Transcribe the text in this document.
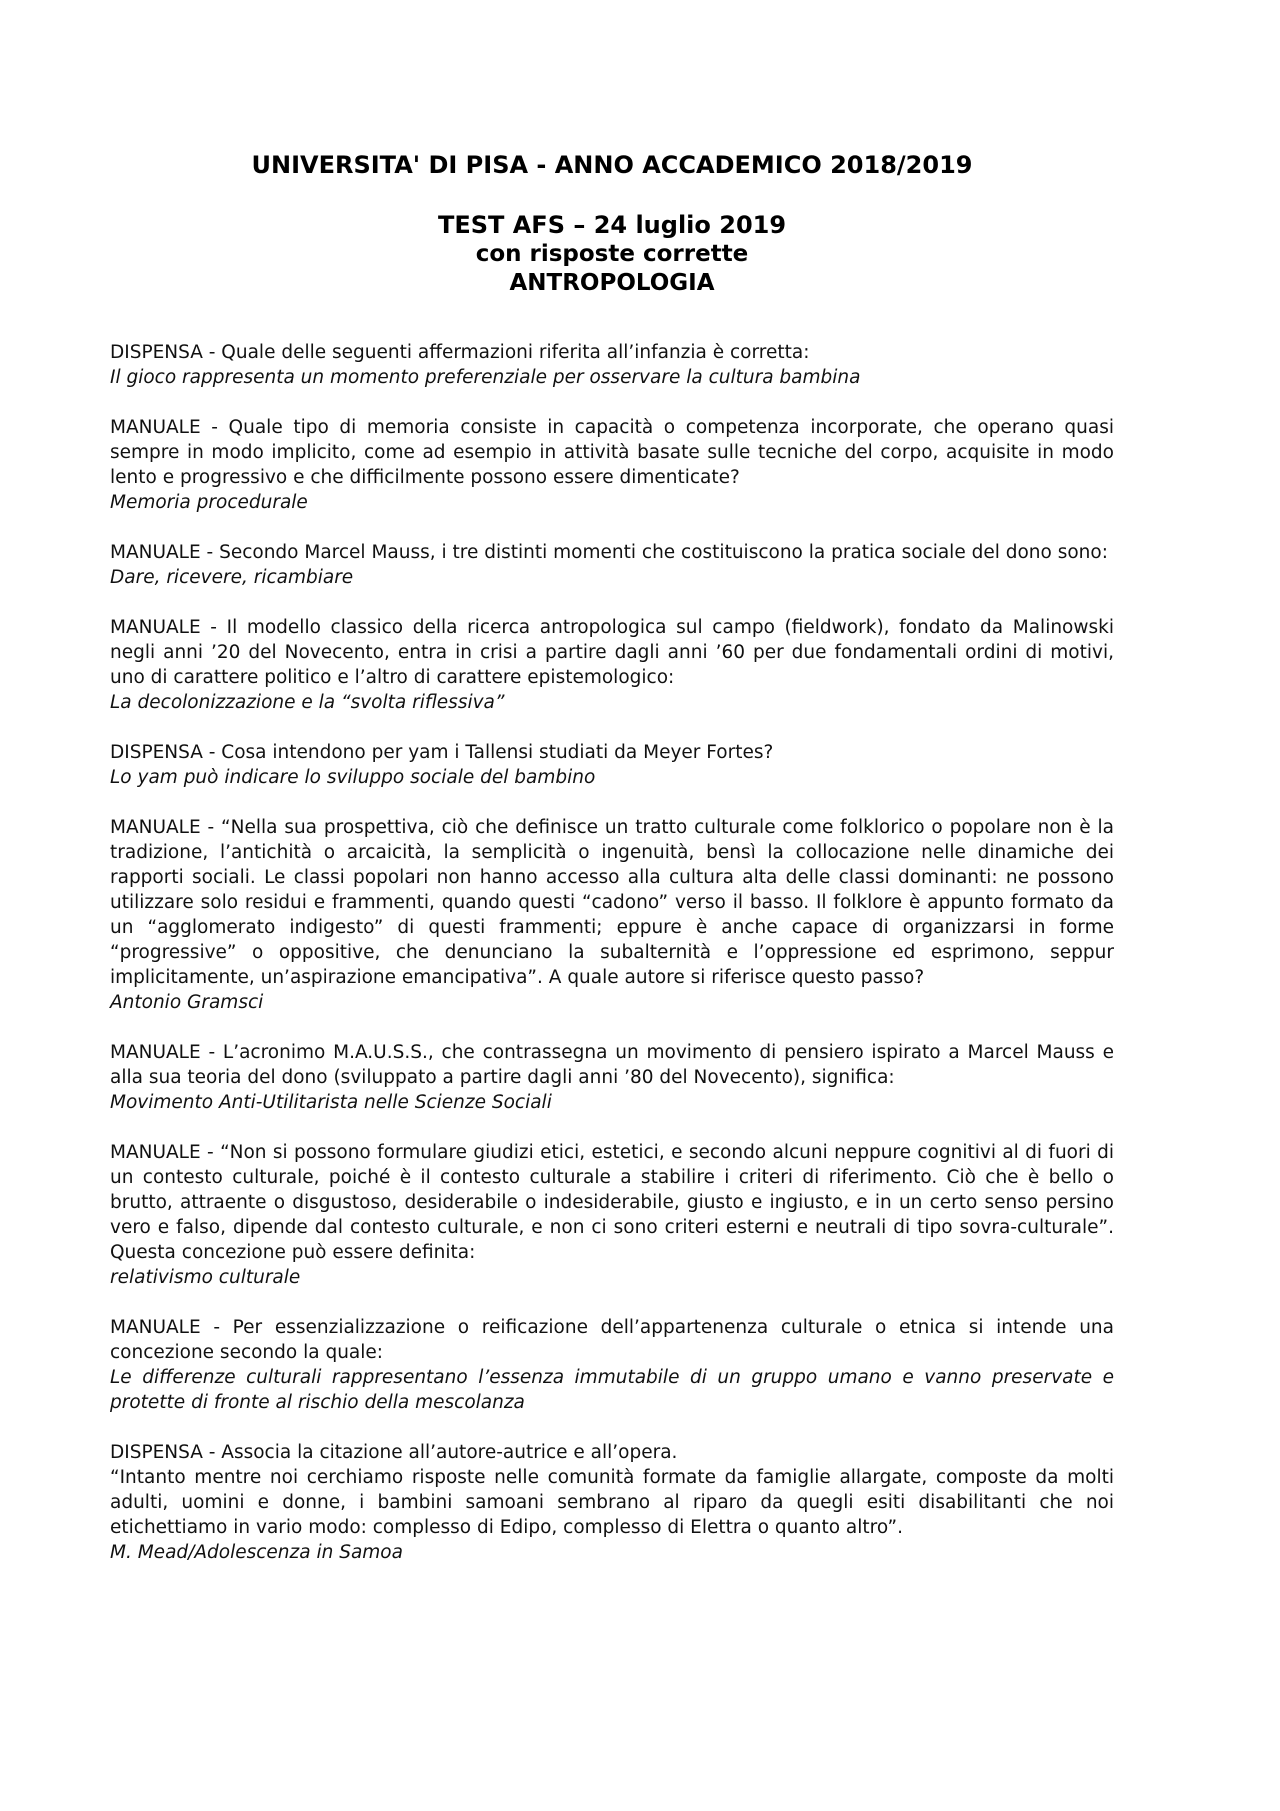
UNIVERSITA' DI PISA - ANNO ACCADEMICO 2018/2019
TEST AFS – 24 luglio 2019
con risposte corrette
ANTROPOLOGIA
DISPENSA - Quale delle seguenti affermazioni riferita all’infanzia è corretta:
Il gioco rappresenta un momento preferenziale per osservare la cultura bambina
MANUALE - Quale tipo di memoria consiste in capacità o competenza incorporate, che operano quasi sempre in modo implicito, come ad esempio in attività basate sulle tecniche del corpo, acquisite in modo lento e progressivo e che difficilmente possono essere dimenticate?
Memoria procedurale
MANUALE - Secondo Marcel Mauss, i tre distinti momenti che costituiscono la pratica sociale del dono sono:
Dare, ricevere, ricambiare
MANUALE - Il modello classico della ricerca antropologica sul campo (fieldwork), fondato da Malinowski negli anni ’20 del Novecento, entra in crisi a partire dagli anni ’60 per due fondamentali ordini di motivi, uno di carattere politico e l’altro di carattere epistemologico:
La decolonizzazione e la “svolta riflessiva”
DISPENSA - Cosa intendono per yam i Tallensi studiati da Meyer Fortes?
Lo yam può indicare lo sviluppo sociale del bambino
MANUALE - “Nella sua prospettiva, ciò che definisce un tratto culturale come folklorico o popolare non è la tradizione, l’antichità o arcaicità, la semplicità o ingenuità, bensì la collocazione nelle dinamiche dei rapporti sociali. Le classi popolari non hanno accesso alla cultura alta delle classi dominanti: ne possono utilizzare solo residui e frammenti, quando questi “cadono” verso il basso. Il folklore è appunto formato da un “agglomerato indigesto” di questi frammenti; eppure è anche capace di organizzarsi in forme “progressive” o oppositive, che denunciano la subalternità e l’oppressione ed esprimono, seppur implicitamente, un’aspirazione emancipativa”. A quale autore si riferisce questo passo?
Antonio Gramsci
MANUALE - L’acronimo M.A.U.S.S., che contrassegna un movimento di pensiero ispirato a Marcel Mauss e alla sua teoria del dono (sviluppato a partire dagli anni ’80 del Novecento), significa:
Movimento Anti-Utilitarista nelle Scienze Sociali
MANUALE - “Non si possono formulare giudizi etici, estetici, e secondo alcuni neppure cognitivi al di fuori di un contesto culturale, poiché è il contesto culturale a stabilire i criteri di riferimento. Ciò che è bello o brutto, attraente o disgustoso, desiderabile o indesiderabile, giusto e ingiusto, e in un certo senso persino vero e falso, dipende dal contesto culturale, e non ci sono criteri esterni e neutrali di tipo sovra-culturale”. Questa concezione può essere definita:
relativismo culturale
MANUALE - Per essenzializzazione o reificazione dell’appartenenza culturale o etnica si intende una concezione secondo la quale:
Le differenze culturali rappresentano l’essenza immutabile di un gruppo umano e vanno preservate e protette di fronte al rischio della mescolanza
DISPENSA - Associa la citazione all’autore-autrice e all’opera.
“Intanto mentre noi cerchiamo risposte nelle comunità formate da famiglie allargate, composte da molti adulti, uomini e donne, i bambini samoani sembrano al riparo da quegli esiti disabilitanti che noi etichettiamo in vario modo: complesso di Edipo, complesso di Elettra o quanto altro”.
M. Mead/Adolescenza in Samoa
